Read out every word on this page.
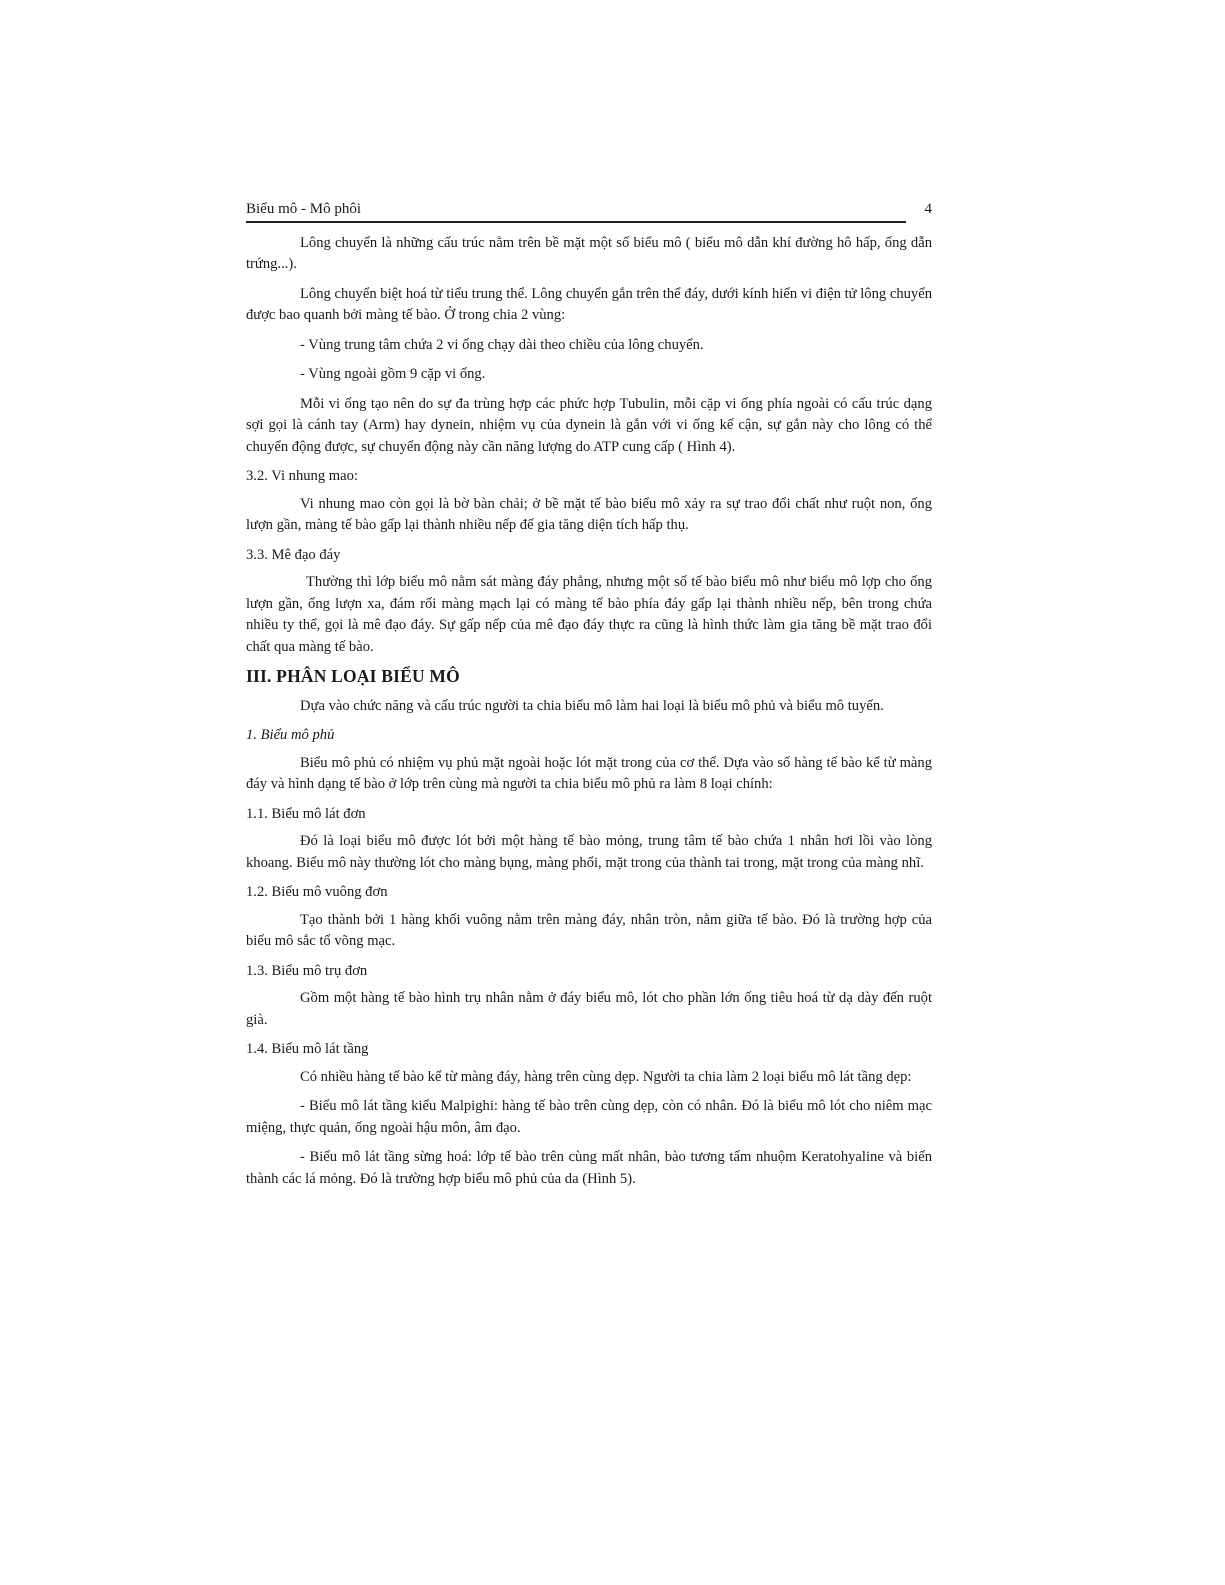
Biểu mô - Mô phôi	4

Lông chuyển là những cấu trúc nằm trên bề mặt một số biểu mô ( biểu mô dẫn khí đường hô hấp, ống dẫn trứng...).

Lông chuyển biệt hoá từ tiểu trung thể. Lông chuyển gắn trên thể đáy, dưới kính hiển vi điện tử lông chuyển được bao quanh bởi màng tế bào. Ở trong chia 2 vùng:

- Vùng trung tâm chứa 2 vi ống chạy dài theo chiều của lông chuyển.

- Vùng ngoài gồm 9 cặp vi ống.

Mỗi vi ống tạo nên do sự đa trùng hợp các phức hợp Tubulin, mỗi cặp vi ống phía ngoài có cấu trúc dạng sợi gọi là cánh tay (Arm) hay dynein, nhiệm vụ của dynein là gắn với vi ống kế cận, sự gắn này cho lông có thể chuyển động được, sự chuyển động này cần năng lượng do ATP cung cấp ( Hình 4).

3.2. Vi nhung mao:

Vi nhung mao còn gọi là bờ bàn chải; ở bề mặt tế bào biểu mô xảy ra sự trao đổi chất như ruột non, ống lượn gần, màng tế bào gấp lại thành nhiều nếp để gia tăng diện tích hấp thụ.

3.3. Mê đạo đáy

Thường thì lớp biểu mô nằm sát màng đáy phẳng, nhưng một số tế bào biểu mô như biểu mô lợp cho ống lượn gần, ống lượn xa, đám rối màng mạch lại có màng tế bào phía đáy gấp lại thành nhiều nếp, bên trong chứa nhiều ty thể, gọi là mê đạo đáy. Sự gấp nếp của mê đạo đáy thực ra cũng là hình thức làm gia tăng bề mặt trao đổi chất qua màng tế bào.

III. PHÂN LOẠI BIỂU MÔ

Dựa vào chức năng và cấu trúc người ta chia biểu mô làm hai loại là biểu mô phủ và biểu mô tuyến.

1. Biểu mô phủ

Biểu mô phủ có nhiệm vụ phủ mặt ngoài hoặc lót mặt trong của cơ thể. Dựa vào số hàng tế bào kể từ màng đáy và hình dạng tế bào ở lớp trên cùng mà người ta chia biểu mô phủ ra làm 8 loại chính:

1.1. Biểu mô lát đơn

Đó là loại biểu mô được lót bởi một hàng tế bào mỏng, trung tâm tế bào chứa 1 nhân hơi lồi vào lòng khoang. Biểu mô này thường lót cho màng bụng, màng phổi, mặt trong của thành tai trong, mặt trong của màng nhĩ.

1.2. Biểu mô vuông đơn

Tạo thành bởi 1 hàng khối vuông nằm trên màng đáy, nhân tròn, nằm giữa tế bào. Đó là trường hợp của biểu mô sắc tố võng mạc.

1.3. Biểu mô trụ đơn

Gồm một hàng tế bào hình trụ nhân nằm ở đáy biểu mô, lót cho phần lớn ống tiêu hoá từ dạ dày đến ruột già.

1.4. Biểu mô lát tầng

Có nhiều hàng tế bào kể từ màng đáy, hàng trên cùng dẹp. Người ta chia làm 2 loại biểu mô lát tầng dẹp:

- Biểu mô lát tầng kiểu Malpighi: hàng tế bào trên cùng dẹp, còn có nhân. Đó là biểu mô lót cho niêm mạc miệng, thực quản, ống ngoài hậu môn, âm đạo.

- Biểu mô lát tầng sừng hoá: lớp tế bào trên cùng mất nhân, bào tương tẩm nhuộm Keratohyaline và biến thành các lá mỏng. Đó là trường hợp biểu mô phủ của da (Hình 5).
